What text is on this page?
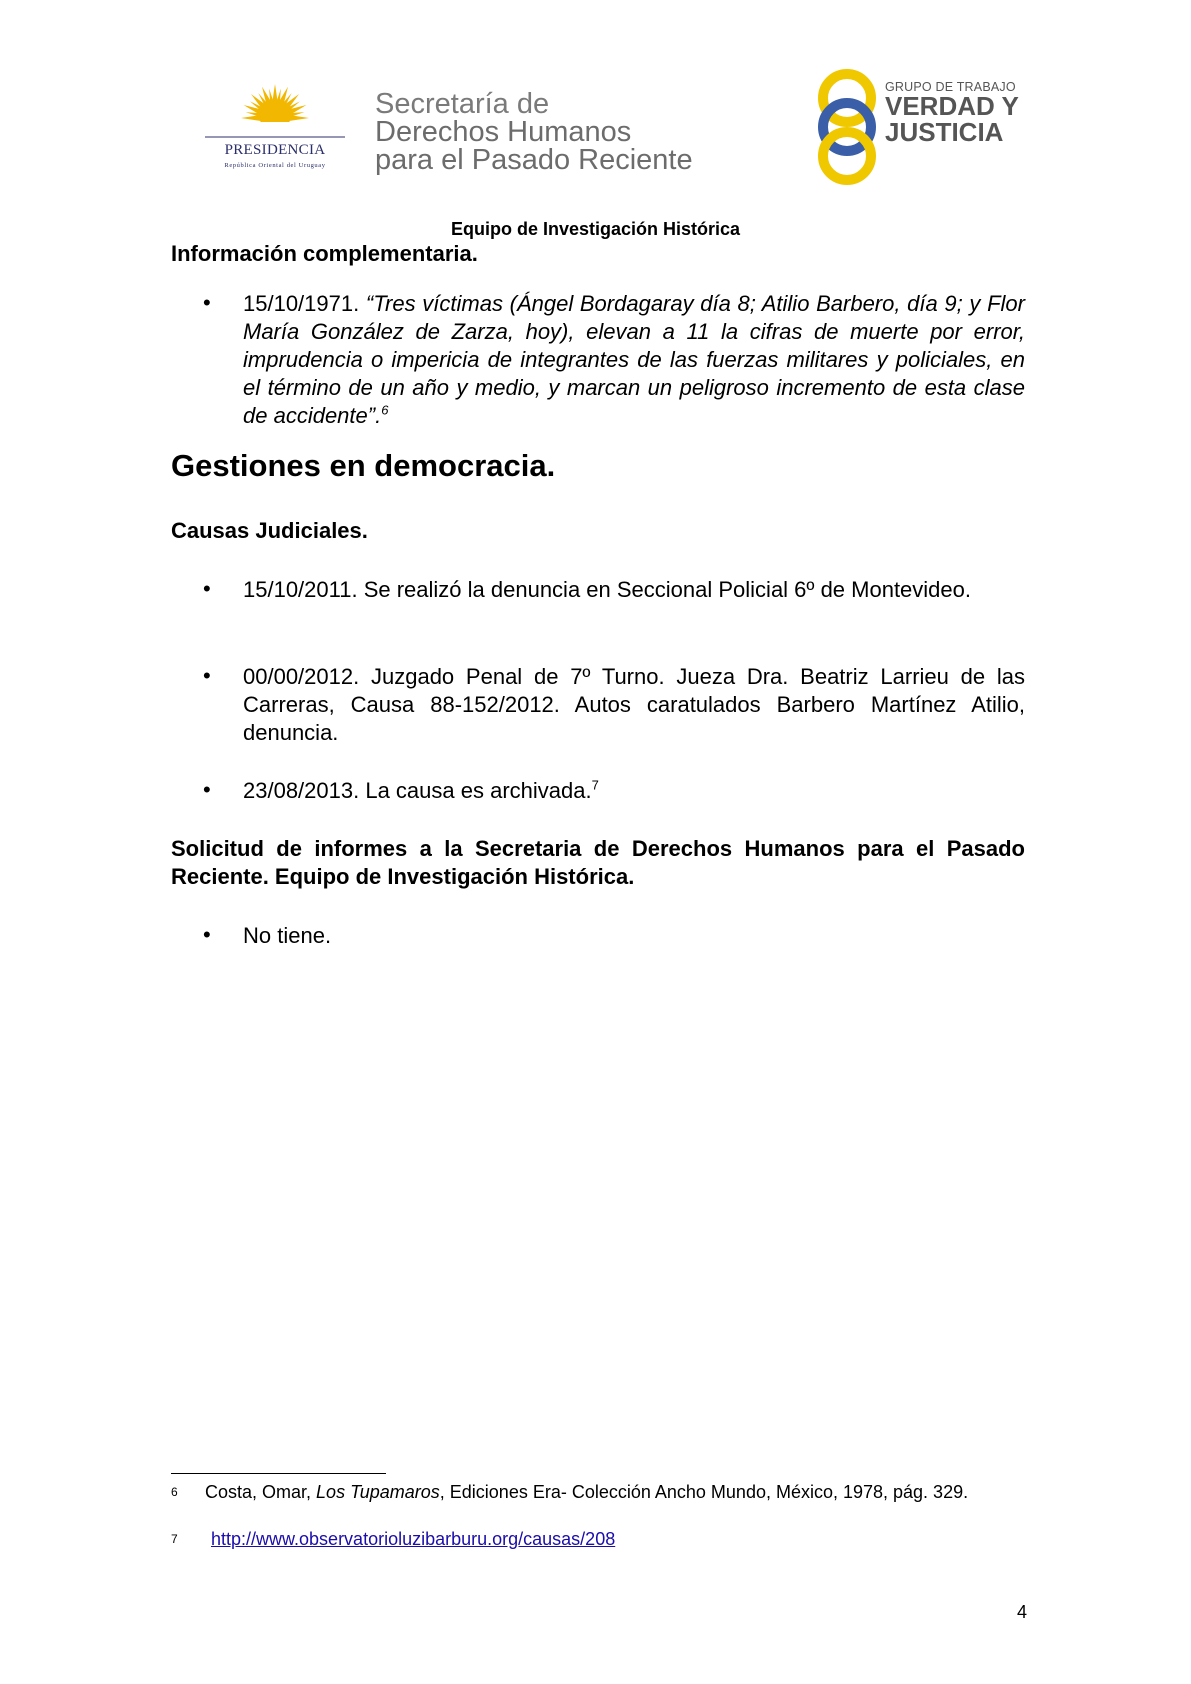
PRESIDENCIA
República Oriental del Uruguay
Secretaría de
Derechos Humanos
para el Pasado Reciente
GRUPO DE TRABAJO
VERDAD Y
JUSTICIA
Equipo de Investigación Histórica
Información complementaria.
• 15/10/1971. “Tres víctimas (Ángel Bordagaray día 8; Atilio Barbero, día 9; y Flor María González de Zarza, hoy), elevan a 11 la cifras de muerte por error, imprudencia o impericia de integrantes de las fuerzas militares y policiales, en el término de un año y medio, y marcan un peligroso incremento de esta clase de accidente”.$^6$
Gestiones en democracia.
Causas Judiciales.
• 15/10/2011. Se realizó la denuncia en Seccional Policial 6º de Montevideo.
• 00/00/2012. Juzgado Penal de 7º Turno. Jueza Dra. Beatriz Larrieu de las Carreras, Causa 88-152/2012. Autos caratulados Barbero Martínez Atilio, denuncia.
• 23/08/2013. La causa es archivada.$^7$
Solicitud de informes a la Secretaria de Derechos Humanos para el Pasado Reciente. Equipo de Investigación Histórica.
• No tiene.
6 Costa, Omar, Los Tupamaros, Ediciones Era- Colección Ancho Mundo, México, 1978, pág. 329.
7 http://www.observatorioluzibarburu.org/causas/208
4
